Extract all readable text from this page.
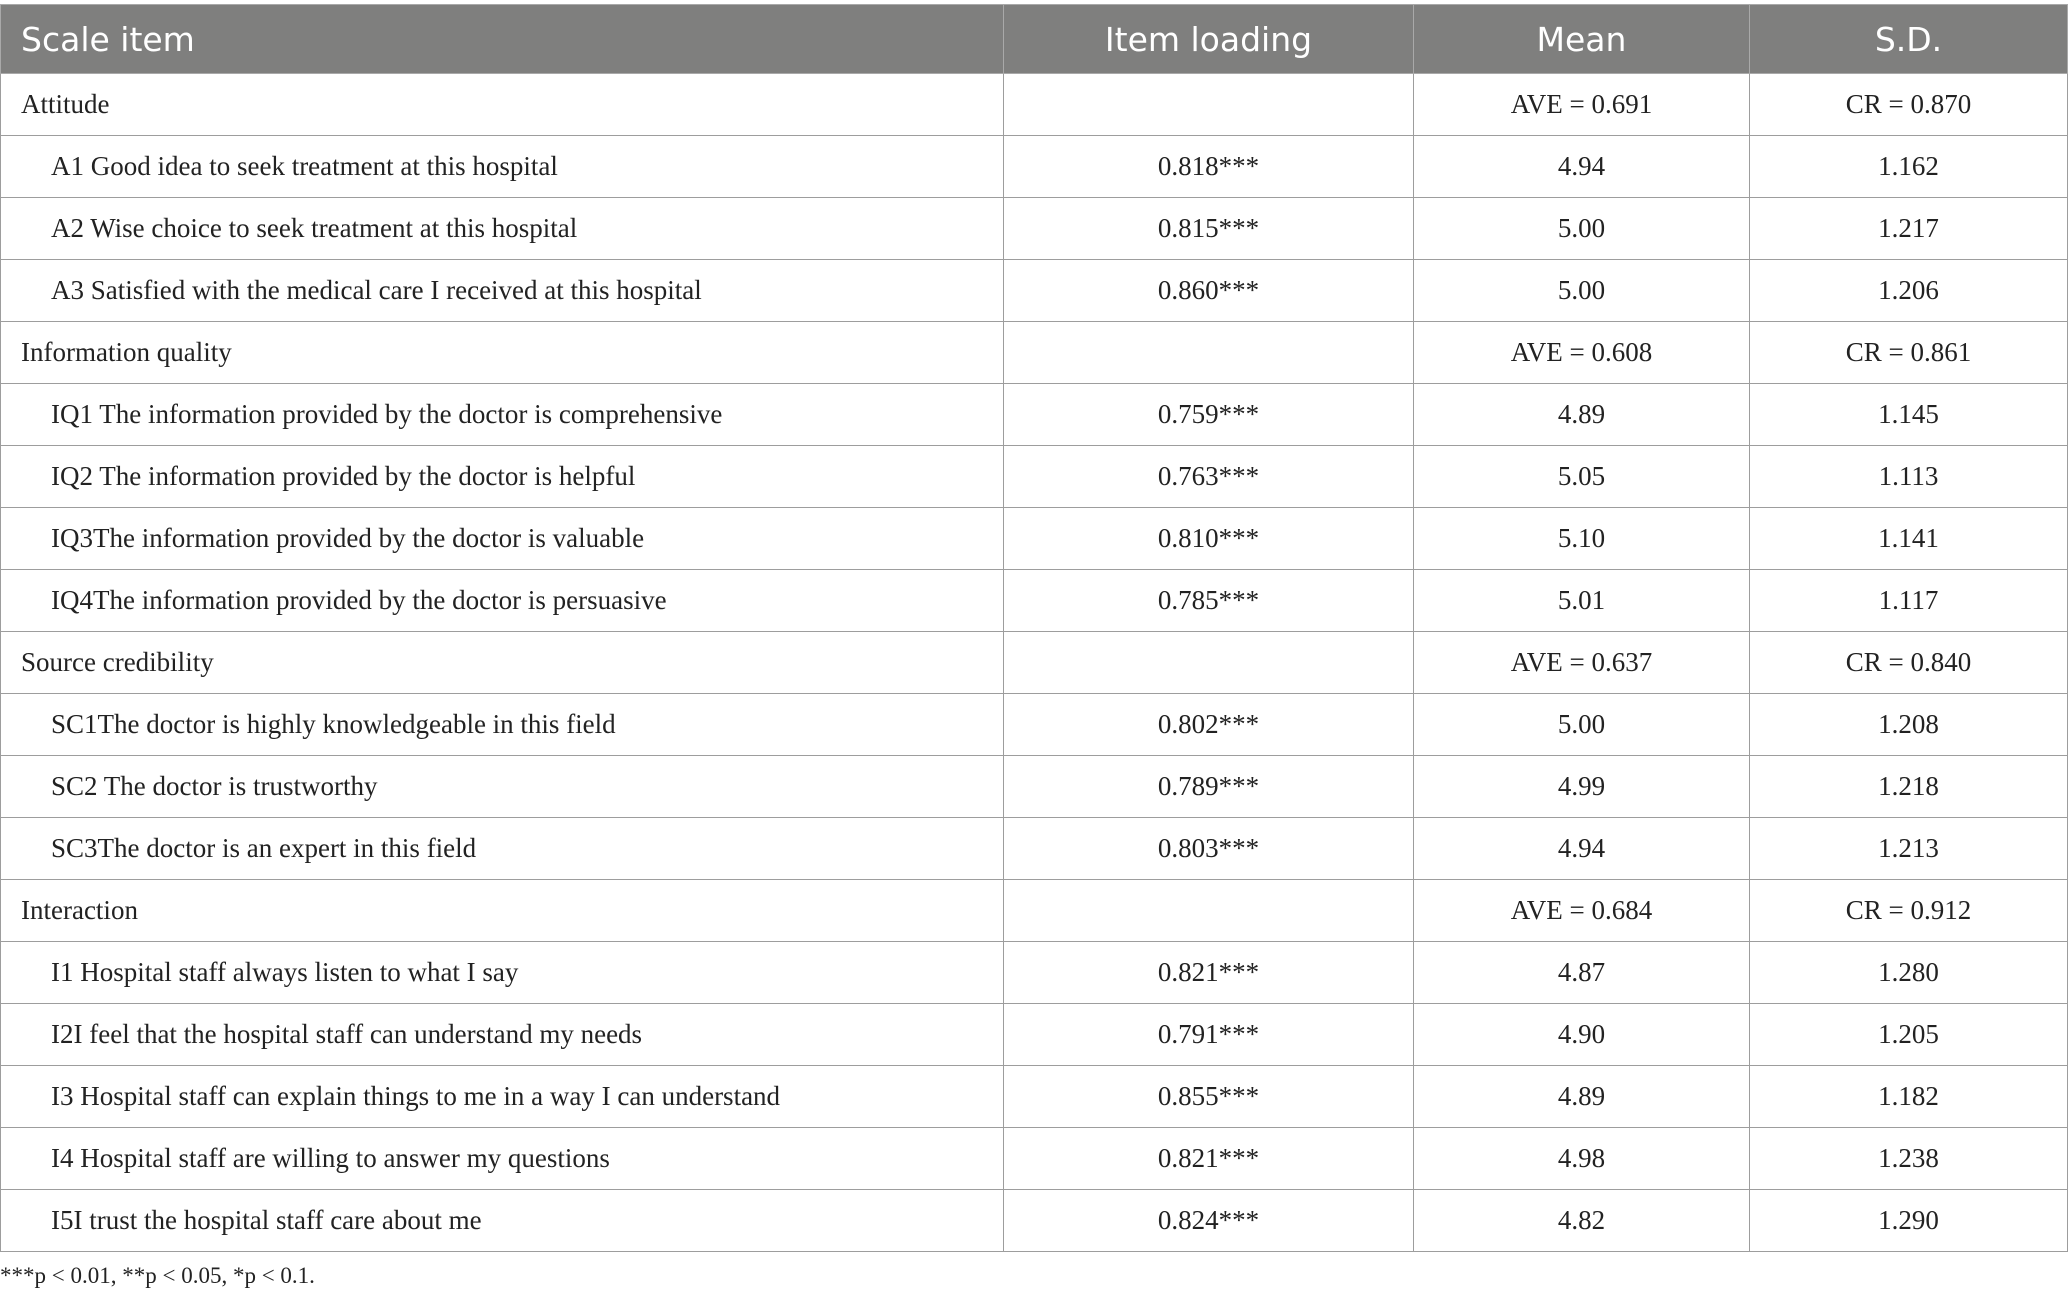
Scale item	Item loading	Mean	S.D.
Attitude		AVE = 0.691	CR = 0.870
A1 Good idea to seek treatment at this hospital	0.818***	4.94	1.162
A2 Wise choice to seek treatment at this hospital	0.815***	5.00	1.217
A3 Satisfied with the medical care I received at this hospital	0.860***	5.00	1.206
Information quality		AVE = 0.608	CR = 0.861
IQ1 The information provided by the doctor is comprehensive	0.759***	4.89	1.145
IQ2 The information provided by the doctor is helpful	0.763***	5.05	1.113
IQ3The information provided by the doctor is valuable	0.810***	5.10	1.141
IQ4The information provided by the doctor is persuasive	0.785***	5.01	1.117
Source credibility		AVE = 0.637	CR = 0.840
SC1The doctor is highly knowledgeable in this field	0.802***	5.00	1.208
SC2 The doctor is trustworthy	0.789***	4.99	1.218
SC3The doctor is an expert in this field	0.803***	4.94	1.213
Interaction		AVE = 0.684	CR = 0.912
I1 Hospital staff always listen to what I say	0.821***	4.87	1.280
I2I feel that the hospital staff can understand my needs	0.791***	4.90	1.205
I3 Hospital staff can explain things to me in a way I can understand	0.855***	4.89	1.182
I4 Hospital staff are willing to answer my questions	0.821***	4.98	1.238
I5I trust the hospital staff care about me	0.824***	4.82	1.290
***p < 0.01, **p < 0.05, *p < 0.1.
